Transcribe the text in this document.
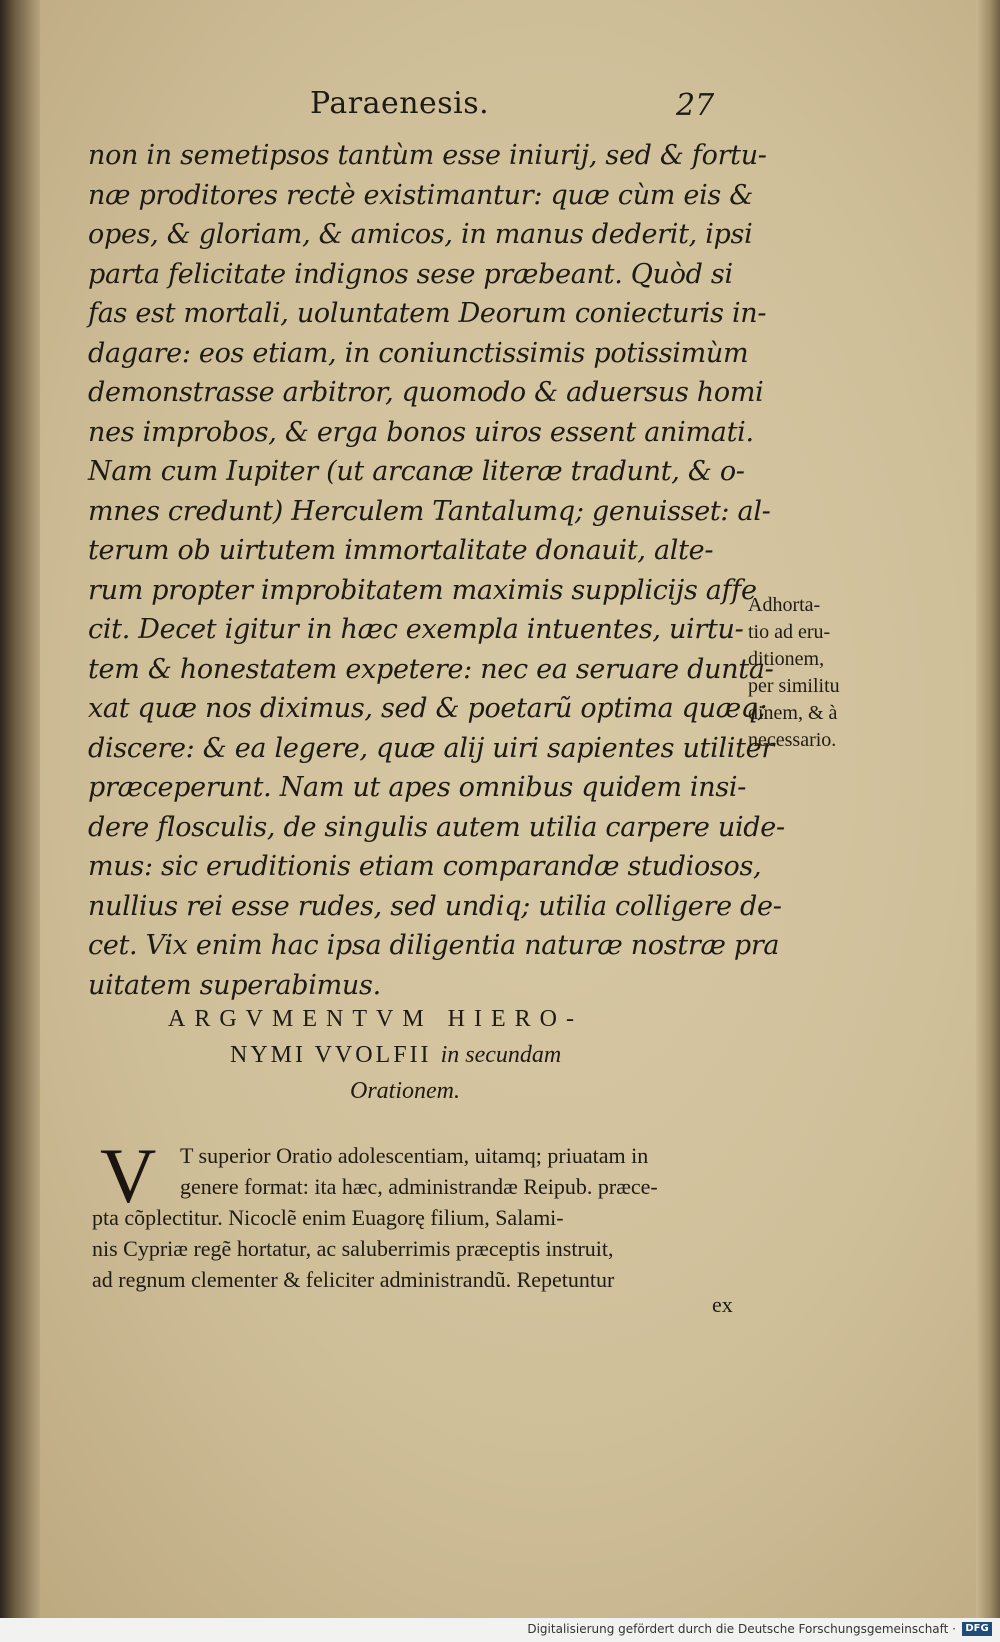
Paraenesis.	27
non in semetipsos tantùm esse iniurij, sed & fortu-
næ proditores rectè existimantur: quæ cùm eis &
opes, & gloriam, & amicos, in manus dederit, ipsi
parta felicitate indignos sese præbeant. Quòd si
fas est mortali, uoluntatem Deorum coniecturis in-
dagare: eos etiam, in coniunctissimis potissimùm
demonstrasse arbitror, quomodo & aduersus homi
nes improbos, & erga bonos uiros essent animati.
Nam cum Iupiter (ut arcanæ literæ tradunt, & o-
mnes credunt) Herculem Tantalumq; genuisset: al-
terum ob uirtutem immortalitate donauit, alte-
rum propter improbitatem maximis supplicijs affe
cit. Decet igitur in hæc exempla intuentes, uirtu-
tem & honestatem expetere: nec ea seruare dunta-
xat quæ nos diximus, sed & poetarũ optima quæq;
discere: & ea legere, quæ alij uiri sapientes utiliter
præceperunt. Nam ut apes omnibus quidem insi-
dere flosculis, de singulis autem utilia carpere uide-
mus: sic eruditionis etiam comparandæ studiosos,
nullius rei esse rudes, sed undiq; utilia colligere de-
cet. Vix enim hac ipsa diligentia naturæ nostræ pra
uitatem superabimus.
Adhorta-
tio ad eru-
ditionem,
per similitu
dinem, & à
necessario.
ARGVMENTVM HIERO-
NYMI VVOLFII in secundam
Orationem.
V T superior Oratio adolescentiam, uitamq; priuatam in
genere format: ita hæc, administrandæ Reipub. præce-
pta cõplectitur. Nicoclẽ enim Euagorę filium, Salami-
nis Cypriæ regẽ hortatur, ac saluberrimis præceptis instruit,
ad regnum clementer & feliciter administrandũ. Repetuntur
ex
Digitalisierung gefördert durch die Deutsche Forschungsgemeinschaft · DFG
